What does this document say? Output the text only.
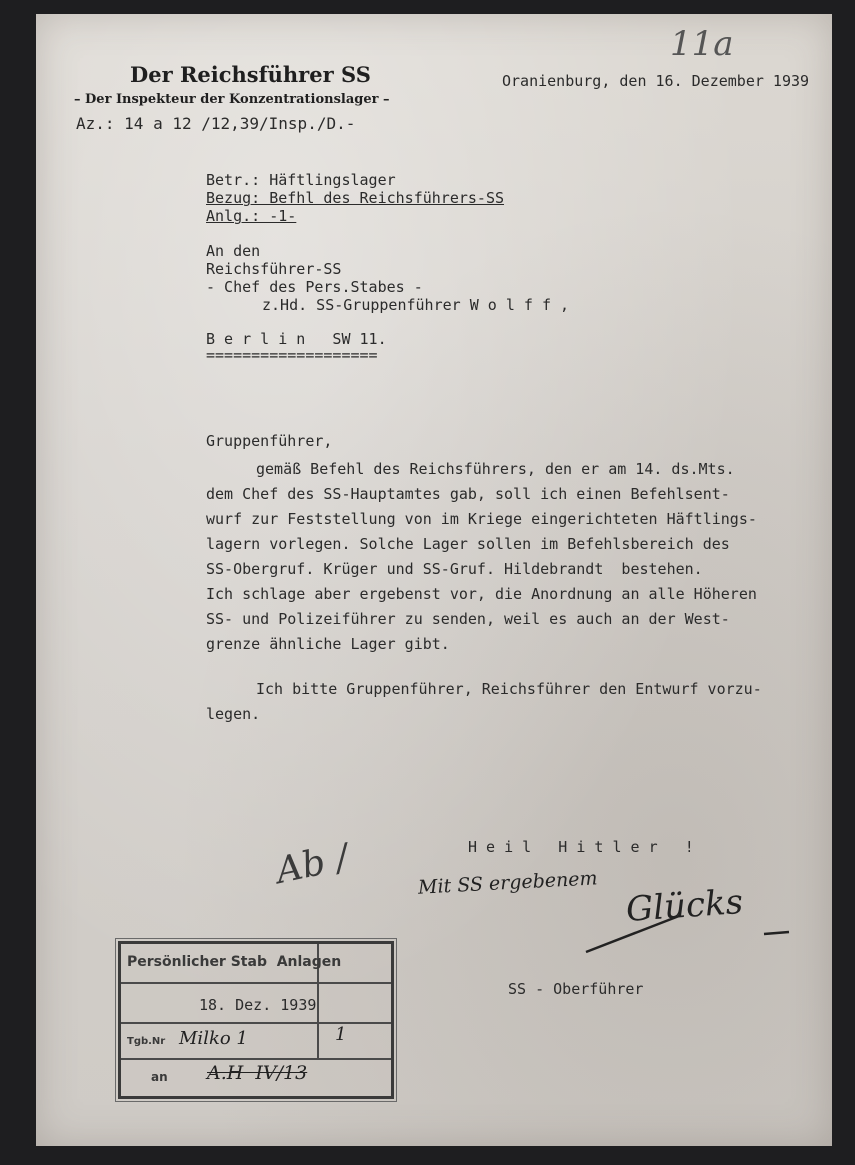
Der Reichsführer SS
– Der Inspekteur der Konzentrationslager –
Az.: 14 a 12 /12,39/Insp./D.-
Oranienburg, den 16. Dezember 1939
11a
Betr.: Häftlingslager
Bezug: Befhl des Reichsführers-SS
Anlg.: -1-
An den
Reichsführer-SS
- Chef des Pers.Stabes -
z.Hd. SS-Gruppenführer W o l f f ,
B e r l i n   SW 11.
===================
Gruppenführer,
gemäß Befehl des Reichsführers, den er am 14. ds.Mts.
dem Chef des SS-Hauptamtes gab, soll ich einen Befehlsent-
wurf zur Feststellung von im Kriege eingerichteten Häftlings-
lagern vorlegen. Solche Lager sollen im Befehlsbereich des
SS-Obergruf. Krüger und SS-Gruf. Hildebrandt  bestehen.
Ich schlage aber ergebenst vor, die Anordnung an alle Höheren
SS- und Polizeiführer zu senden, weil es auch an der West-
grenze ähnliche Lager gibt.
Ich bitte Gruppenführer, Reichsführer den Entwurf vorzu-
legen.
H e i l   H i t l e r   !
Mit SS ergebenem Glücks
SS - Oberführer
Ab /
Persönlicher Stab  Anlagen
18. Dez. 1939
Tgb.Nr Milko 1	1
an A.H  IV/13
